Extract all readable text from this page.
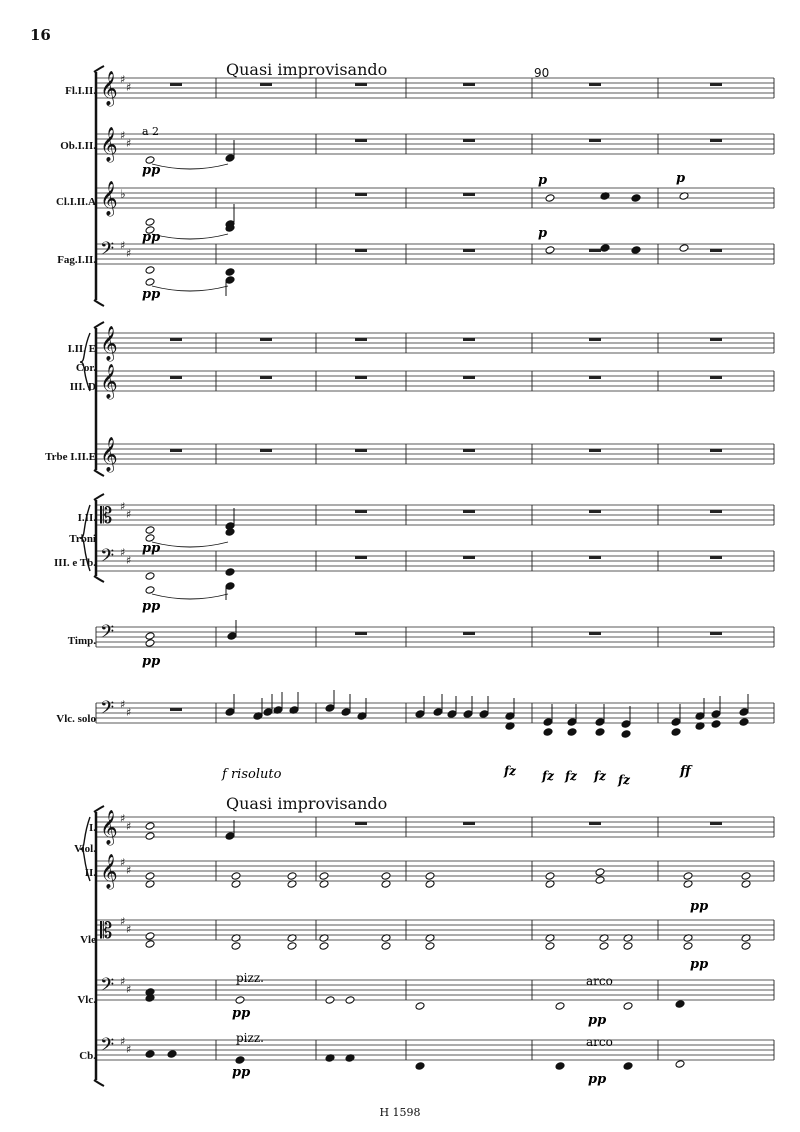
16
Quasi improvisando	90
Quasi improvisando
Fl.I.II.
Ob.I.II.
Cl.I.II.A
Fag.I.II.
I.II. E
Cor.
III. D
Trbe I.II.E
I.II.
Trbni
III. e Tb.
Timp.
Vlc. solo
I.
Viol.
II.
Vle
Vlc.
Cb.
H 1598
𝄞
𝄞
𝄞
𝄢
𝄞
𝄞
𝄞
𝄡
𝄢
𝄢
𝄢
𝄞
𝄞
𝄡
𝄢
𝄢
♯
♯
♯
♯
♯
♯
♯
♯
♯
♯
♯
♯
♯
♯
♯
♯
♯
♯
♯
♯
♯
♯
♭
a 2
pp
pp
pp
p	p
p
pp
pp
pp
f risoluto	fz fz fz fz fz
ff
pp
pp
pizz.
pizz.
pp
pp
arco
arco
pp
pp
